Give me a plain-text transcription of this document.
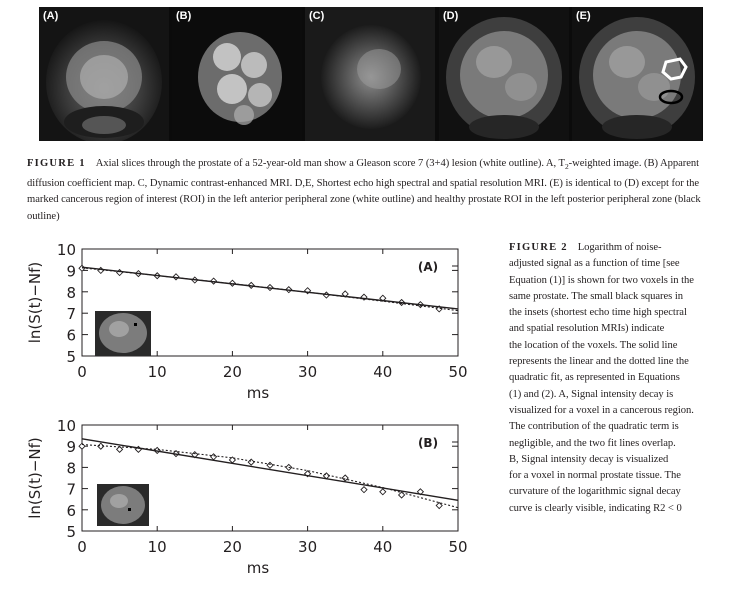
(A)	(B)	(C)	(D)	(E)
FIGURE 1 Axial slices through the prostate of a 52-year-old man show a Gleason score 7 (3+4) lesion (white outline). A, $T_2$-weighted image. (B) Apparent diffusion coefficient map. C, Dynamic contrast-enhanced MRI. D,E, Shortest echo high spectral and spatial resolution MRI. (E) is identical to (D) except for the marked cancerous region of interest (ROI) in the left anterior peripheral zone (white outline) and healthy prostate ROI in the left posterior peripheral zone (black outline)
5
6
7
8
9
10
0	10	20	30	40	50
ms
ln(S(t)−Nf)	(A)
5
6
7
8
9
10
0	10	20	30	40	50
ms
ln(S(t)−Nf)	(B)
FIGURE 2 Logarithm of noise-
adjusted signal as a function of time [see
Equation (1)] is shown for two voxels in the
same prostate. The small black squares in
the insets (shortest echo time high spectral
and spatial resolution MRIs) indicate
the location of the voxels. The solid line
represents the linear and the dotted line the
quadratic fit, as represented in Equations
(1) and (2). A, Signal intensity decay is
visualized for a voxel in a cancerous region.
The contribution of the quadratic term is
negligible, and the two fit lines overlap.
B, Signal intensity decay is visualized
for a voxel in normal prostate tissue. The
curvature of the logarithmic signal decay
curve is clearly visible, indicating R2 < 0
